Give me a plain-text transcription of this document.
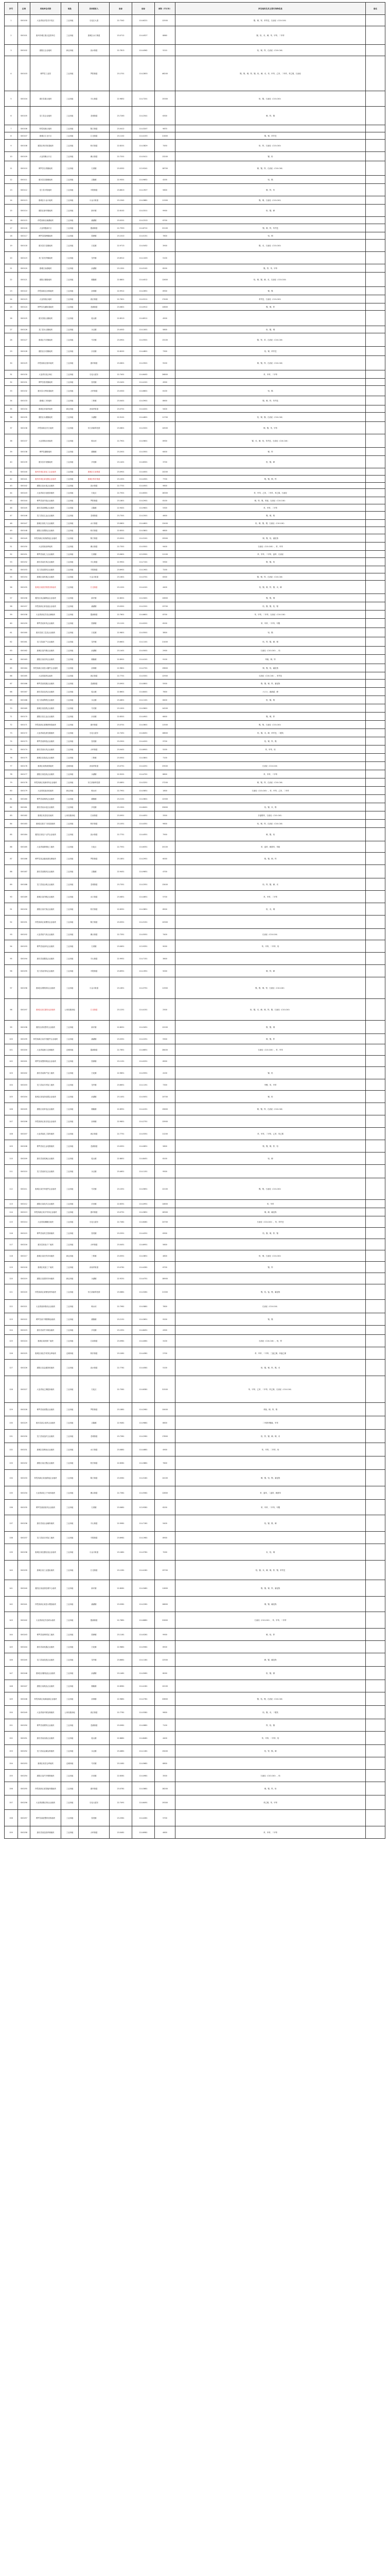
序号	区域	用地单位名称	地址	具体联系人	坐标	坐标	面积（平方米）	涉及地块及其主要污染物信息	备注
1	S00100	大亚湾经济技术开发区	工业用地	石化区大道	22.7342	114.6221	12500	镍、铜、锌、苯并芘、石油烃（C10-C40）	
2	S00101	惠州市城区重点监管单位	工业用地	惠城区水口街道	23.0712	114.4527	8860	镉、铅、汞、砷、苯、甲苯、二甲苯	
3	S00102	惠阳区企业地块	商业用地	淡水街道	22.7813	114.4562	5210	铅、铜、锌、石油烃（C10-C40）	
4	S00103	博罗县工业园	工业用地	罗阳街道	23.1701	114.2853	46200	镍、铬、铜、锌、镉、铅、砷、汞、苯、甲苯、乙苯、二甲苯、苯乙烯、石油烃	
5	S00104	惠东县重点地块	工业用地	平山街道	22.9852	114.7201	15300	铅、镉、石油烃（C10-C40）	
6	S00105	龙门县企业地块	工业用地	龙城街道	23.7263	114.2541	6300	铜、锌、镍	
7	S00106	仲恺高新区地块	工业用地	陈江街道	23.0412	114.3207	9870		
8	S00107	惠城区江北片区	工业用地	江北街道	23.1102	114.4153	21600	镍、铜、苯并芘	
9	S00108	惠阳区秋长街道地块	工业用地	秋长街道	22.8201	114.3829	7450	铅、锌、石油烃（C10-C40）	
10	S00109	大亚湾澳头片区	工业用地	澳头街道	22.7201	114.5411	13200	镉、铅	
11	S00110	博罗县石湾镇地块	工业用地	石湾镇	23.0552	113.9241	18700	铜、镍、锌、石油烃（C10-C40）	
12	S00111	惠东县吉隆镇地块	工业用地	吉隆镇	22.9301	114.9652	4200	铅、镉	
13	S00112	龙门县平陵地块	工业用地	平陵街道	23.6813	114.1927	5600	铜、锌、苯	
14	S00113	惠城区小金口地块	工业用地	小金口街道	23.1542	114.3681	11300	镍、铜、石油烃（C10-C40）	
15	S00114	惠阳区新圩镇地块	工业用地	新圩镇	22.8102	114.3311	9900	铅、镉、砷	
16	S00115	仲恺高新区潼湖地块	工业用地	潼湖镇	23.0201	114.2313	6700		
17	S00116	大亚湾霞涌片区	工业用地	霞涌街道	22.7553	114.6712	22100	镍、铜、锌、苯并芘	
18	S00117	博罗县园洲镇地块	工业用地	园洲镇	23.1010	114.0151	7800	铅、铜	
19	S00118	惠东县白花镇地块	工业用地	白花镇	22.9713	114.5452	3900	镉、汞、石油烃（C10-C40）	
20	S00119	龙门县龙华镇地块	工业用地	龙华镇	23.6512	114.1203	5100		
21	S00120	惠城区汝湖地块	工业用地	汝湖镇	23.1301	114.5102	8200	镍、锌、苯、甲苯	
22	S00121	惠阳区镇隆地块	工业用地	镇隆镇	22.8801	114.4012	12600	铅、铜、镉、砷、汞、石油烃（C10-C40）	
23	S00122	仲恺高新区沥林地块	工业用地	沥林镇	22.9912	114.2651	6900	铜、镍	
24	S00123	大亚湾西区地块	工业用地	西区街道	22.7621	114.5211	17400	苯并芘、石油烃（C10-C40）	
25	S00124	博罗县龙溪街道地块	工业用地	龙溪街道	23.0801	114.0912	10800	镍、铜、锌	
26	S00125	惠东县稔山镇地块	工业用地	稔山镇	22.8513	114.8511	4500		
27	S00126	龙门县永汉镇地块	工业用地	永汉镇	23.4502	114.1001	5800	铅、镉、铜	
28	S00127	惠城区马安镇地块	工业用地	马安镇	23.0901	114.5501	13100	镍、锌、苯、石油烃（C10-C40）	
29	S00128	惠阳区沙田镇地块	工业用地	沙田镇	22.8202	114.4801	7300	铅、铜、苯并芘	
30	S00129	仲恺高新区惠环地块	工业用地	惠环街道	23.0601	114.3501	9200	铜、镍、锌、石油烃（C10-C40）	
31	S00130	大亚湾石化区B区	工业用地	石化大道东	22.7401	114.6402	26800	苯、甲苯、二甲苯	
32	S00131	博罗县泰美镇地块	工业用地	泰美镇	23.2401	114.4101	4900		
33	S00132	惠东县大岭街道地块	工业用地	大岭街道	23.0302	114.6801	6100	铅、镉	
34	S00133	惠城区三栋地块	工业用地	三栋镇	23.0401	114.3901	8600	镍、铜、锌、苯并芘	
35	S00134	惠城区河南岸地块	商业用地	河南岸街道	23.0701	114.4201	5400		
36	S00135	惠阳区永湖镇地块	工业用地	永湖镇	22.9101	114.4601	11700	铅、铜、镉、石油烃（C10-C40）	
37	S00136	仲恺高新区东江地块	工业用地	东江高新科技园	23.0801	114.3201	14500	铜、镍、苯、甲苯	
38	S00137	大亚湾响水河地块	工业用地	响水河	22.7901	114.5801	8900	镉、汞、砷、铅、苯并芘、石油烃（C10-C40）	
39	S00138	博罗县湖镇地块	工业用地	湖镇镇	23.2001	114.3501	6400	铜、锌	
40	S00139	惠东县多祝镇地块	工业用地	多祝镇	23.1401	114.8301	3700	铅、镉、砷	
41	S00140	惠州市城区某化工企业地块	工业用地	惠城区江南街道	23.0901	114.4001	10200		
42	S00141	惠州市城区某电镀企业地块	工业用地	惠城区桥东街道	23.1001	114.4301	7700	铬、镍、铜、锌	
43	S00142	惠阳区淡水某企业地块	工业用地	淡水街道	22.7701	114.4501	9800		
44	S00143	大亚湾某石化配套地块	工业用地	石化区	22.7501	114.6301	18300	苯、甲苯、乙苯、二甲苯、苯乙烯、石油烃	
45	S00144	博罗县某印染企业地块	工业用地	罗阳街道	23.1801	114.2901	8100	铜、锌、镍、苯胺、石油烃（C10-C40）	
46	S00145	惠东县某制鞋企业地块	工业用地	吉隆镇	22.9401	114.9601	5300	苯、甲苯、二甲苯	
47	S00146	龙门县某五金企业地块	工业用地	龙城街道	23.7301	114.2501	4600	镍、铜、铬	
48	S00147	惠城区某电子企业地块	工业用地	水口街道	23.0801	114.4601	12400	铅、铜、镍、锡、石油烃（C10-C40）	
49	S00148	惠阳区某塑胶企业地块	工业用地	秋长街道	22.8301	114.3801	6800		
50	S00149	仲恺高新区某线路板企业地块	工业用地	陈江街道	23.0501	114.3101	15900	铜、镍、铅、氰化物	
51	S00150	大亚湾某油库地块	工业用地	澳头街道	22.7301	114.5501	9400	石油烃（C10-C40）、苯、甲苯	
52	S00151	博罗县某化工企业地块	工业用地	石湾镇	23.0601	113.9301	11100	苯、甲苯、二甲苯、氯苯、石油烃	
53	S00152	惠东县某皮革企业地块	工业用地	平山街道	22.9901	114.7101	5900	铬、镉、铅	
54	S00153	龙门县某建材企业地块	工业用地	平陵街道	23.6901	114.1901	7200		
55	S00154	惠城区某机械企业地块	工业用地	小金口街道	23.1601	114.3701	8300	镍、铜、锌、石油烃（C10-C40）	
56	S00155	惠城区某废旧物资回收地块	工业用地	江北街道	23.1201	114.4101	4400	铅、镉、铜、锌、镍、汞、砷	
57	S00156	惠阳区某金属制品企业地块	工业用地	新圩镇	22.8001	114.3401	10600	镍、铬、铜	
58	S00157	仲恺高新区某电池企业地块	工业用地	潼湖镇	23.0301	114.2201	13700	铅、镉、镍、钴、锂	
59	S00158	大亚湾某化学品仓储地块	工业用地	霞涌街道	22.7601	114.6601	8700	苯、甲苯、二甲苯、石油烃（C10-C40）	
60	S00159	博罗县某家具企业地块	工业用地	园洲镇	23.1101	114.0201	6200	苯、甲苯、二甲苯、甲醛	
61	S00160	惠东县某工艺品企业地块	工业用地	白花镇	22.9801	114.5501	3800	铅、镉	
62	S00161	龙门县某矿产企业地块	工业用地	龙华镇	23.6601	114.1101	21400	铅、锌、镉、砷、铜	
63	S00162	惠城区某汽修企业地块	工业用地	汝湖镇	23.1401	114.5001	2900	石油烃（C10-C40）、铅	
64	S00163	惠阳区某纺织企业地块	工业用地	镇隆镇	22.8901	114.4101	9100	苯胺、铜、锌	
65	S00164	仲恺高新区某显示器件企业地块	工业用地	沥林镇	22.9801	114.2701	19800	铜、镍、铅、氟化物	
66	S00165	大亚湾某码头地块	工业用地	西区街道	22.7701	114.5301	12900	石油烃（C10-C40）、苯并芘	
67	S00166	博罗县某电镀企业地块	工业用地	龙溪街道	23.0901	114.0801	5500	铬、镍、铜、锌、氰化物	
68	S00167	惠东县某农药企业地块	工业用地	稔山镇	22.8601	114.8401	7600	六六六、滴滴涕、砷	
69	S00168	龙门县某陶瓷企业地块	工业用地	永汉镇	23.4601	114.1101	8400	铅、镉、铬	
70	S00169	惠城区某造纸企业地块	工业用地	马安镇	23.1001	114.5601	14200		
71	S00170	惠阳区某五金企业地块	工业用地	沙田镇	22.8301	114.4901	6600	镍、铜、锌	
72	S00171	仲恺高新区某精密制造地块	工业用地	惠环街道	23.0701	114.3601	11500	镍、铬、石油烃（C10-C40）	
73	S00172	大亚湾某危废处置地块	工业用地	石化大道东	22.7451	114.6451	16800	铅、镉、汞、砷、苯并芘、二噁英	
74	S00173	博罗县某铸造企业地块	工业用地	泰美镇	23.2501	114.4201	9700	铅、铜、锌、镍	
75	S00174	惠东县某玩具企业地块	工业用地	大岭街道	23.0401	114.6901	5200	苯、甲苯、铅	
76	S00175	惠城区某食品企业地块	工业用地	三栋镇	23.0501	114.3801	7100		
77	S00176	惠城区某物流园地块	仓储用地	河南岸街道	23.0751	114.4251	23500	石油烃（C10-C40）	
78	S00177	惠阳区某包装企业地块	工业用地	永湖镇	22.9201	114.4701	8800	苯、甲苯、二甲苯	
79	S00178	仲恺高新区某新材料企业地块	工业用地	东江高新科技园	23.0851	114.3251	17200	铜、镍、锌、石油烃（C10-C40）	
80	S00179	大亚湾某加油站地块	商业用地	响水河	22.7951	114.5851	1800	石油烃（C10-C40）、苯、甲苯、乙苯、二甲苯	
81	S00180	博罗县某制药企业地块	工业用地	湖镇镇	23.2101	114.3601	12300		
82	S00181	惠东县某水泥企业地块	工业用地	多祝镇	23.1501	114.8401	25600	铅、镉、汞、铬	
83	S00182	惠城区某变电站地块	公用设施用地	江南街道	23.0951	114.4051	3300	多氯联苯、石油烃（C10-C40）	
84	S00183	惠城区某旧厂房改造地块	工业用地	桥东街道	23.1051	114.4351	9600	铅、铜、锌、石油烃（C10-C40）	
85	S00184	惠阳区某电子元件企业地块	工业用地	淡水街道	22.7751	114.4551	7900	铜、镍、铅	
86	S00185	大亚湾某精细化工地块	工业用地	石化区	22.7551	114.6351	20100	苯、氯苯、硝基苯、苯胺	
87	S00186	博罗县某金属表面处理地块	工业用地	罗阳街道	23.1851	114.2951	6000	铬、镍、铜、锌	
88	S00187	惠东县某鞋材企业地块	工业用地	吉隆镇	22.9451	114.9651	4700		
89	S00188	龙门县某冶炼企业地块	工业用地	龙城街道	23.7351	114.2551	13400	铅、锌、镉、砷、汞	
90	S00189	惠城区某印刷企业地块	工业用地	水口街道	23.0851	114.4651	5700	苯、甲苯、二甲苯	
91	S00190	惠阳区某灯饰企业地块	工业用地	秋长街道	22.8351	114.3851	8500	铅、汞、铜	
92	S00191	仲恺高新区某模具企业地块	工业用地	陈江街道	23.0551	114.3151	10300		
93	S00192	大亚湾某气体企业地块	工业用地	澳头街道	22.7351	114.5551	7400	石油烃（C10-C40）	
94	S00193	博罗县某涂料企业地块	工业用地	石湾镇	23.0651	113.9351	9000	苯、甲苯、二甲苯、铅	
95	S00194	惠东县某服装企业地块	工业用地	平山街道	22.9951	114.7151	3600		
96	S00195	龙门县某饲料企业地块	工业用地	平陵街道	23.6951	114.1951	5000	铜、锌、砷	
97	S00196	惠城区某钢结构企业地块	工业用地	小金口街道	23.1651	114.3751	11900	镍、铬、铜、锌、石油烃（C10-C40）	
98	S00197	惠城区某垃圾转运站地块	公用设施用地	江北街道	23.1251	114.4151	2500	铅、镉、汞、砷、铜、锌、镍、石油烃（C10-C40）	
99	S00198	惠阳区某铝型材企业地块	工业用地	新圩镇	22.8051	114.3451	12200	铬、镍、铜	
100	S00199	仲恺高新区某手机配件企业地块	工业用地	潼湖镇	23.0351	114.2251	9300	铜、镍、锌	
101	S00200	大亚湾某港口仓储地块	仓储用地	霞涌街道	22.7651	114.6651	28400	石油烃（C10-C40）、苯、甲苯	
102	S00201	博罗县某塑料制品企业地块	工业用地	园洲镇	23.1151	114.0251	6900		
103	S00202	惠东县某海产加工地块	工业用地	白花镇	22.9851	114.5551	4100	镉、铅	
104	S00203	龙门县某木材加工地块	工业用地	龙华镇	23.6651	114.1151	7300	甲醛、苯、甲苯	
105	S00204	惠城区某电线电缆企业地块	工业用地	汝湖镇	23.1451	114.5051	10700	铜、铅	
106	S00205	惠阳区某家电企业地块	工业用地	镇隆镇	22.8951	114.4151	15600	铜、镍、锌、石油烃（C10-C40）	
107	S00206	仲恺高新区某光电企业地块	工业用地	沥林镇	22.9851	114.2751	13900		
108	S00207	大亚湾某化工原料地块	工业用地	西区街道	22.7751	114.5351	11200	苯、甲苯、二甲苯、乙苯、苯乙烯	
109	S00208	博罗县某五金电镀地块	工业用地	龙溪街道	23.0951	114.0851	5800	铬、镍、铜、锌、铅	
110	S00209	惠东县某玻璃企业地块	工业用地	稔山镇	22.8651	114.8451	8100	铅、砷	
111	S00210	龙门县某砖瓦企业地块	工业用地	永汉镇	23.4651	114.1151	9500		
112	S00211	惠城区某汽车配件企业地块	工业用地	马安镇	23.1051	114.5651	12100	镍、铬、石油烃（C10-C40）	
113	S00212	惠阳区某化纤企业地块	工业用地	沙田镇	22.8351	114.4951	14800	苯、甲苯	
114	S00213	仲恺高新区某半导体企业地块	工业用地	惠环街道	23.0751	114.3651	16300	铜、砷、氟化物	
115	S00214	大亚湾某储罐区地块	工业用地	石化大道东	22.7481	114.6481	24700	石油烃（C10-C40）、苯、苯并芘	
116	S00215	博罗县某再生资源地块	工业用地	泰美镇	23.2551	114.4251	6300	铅、镉、铜、锌、镍	
117	S00216	惠东县某电子厂地块	工业用地	大岭街道	23.0451	114.6951	5600		
118	S00217	惠城区某旧货市场地块	商业用地	三栋镇	23.0551	114.3851	4800	铅、铜、石油烃（C10-C40）	
119	S00218	惠城区某加工厂地块	工业用地	河南岸街道	23.0781	114.4281	6700	镍、锌	
120	S00219	惠阳区某建材市场地块	商业用地	永湖镇	22.9251	114.4751	18900		
121	S00220	仲恺高新区某锂电材料地块	工业用地	东江高新科技园	23.0881	114.3281	21300	镍、钴、锰、锂、氟化物	
122	S00221	大亚湾某润滑油企业地块	工业用地	响水河	22.7981	114.5881	7800	石油烃（C10-C40）	
123	S00222	博罗县某不锈钢制品地块	工业用地	湖镇镇	23.2151	114.3651	9200	铬、镍	
124	S00223	惠东县某竹木制品地块	工业用地	多祝镇	23.1551	114.8451	4300		
125	S00224	惠城区某机修厂地块	工业用地	江南街道	23.0981	114.4081	3100	石油烃（C10-C40）、铅、锌	
126	S00225	惠城区某化学试剂仓库地块	仓储用地	桥东街道	23.1081	114.4381	2700	苯、甲苯、二甲苯、三氯乙烯、四氯乙烯	
127	S00226	惠阳区某金属回收地块	工业用地	淡水街道	22.7781	114.4581	5100	铅、镉、铜、锌、镍、汞	
128	S00227	大亚湾某乙烯配套地块	工业用地	石化区	22.7581	114.6381	31500	苯、甲苯、乙苯、二甲苯、苯乙烯、石油烃（C10-C40）	
129	S00228	博罗县某染整企业地块	工业用地	罗阳街道	23.1881	114.2981	10400	苯胺、铜、锌、铬	
130	S00229	惠东县某合成革企业地块	工业用地	吉隆镇	22.9481	114.9681	8600	二甲基甲酰胺、甲苯	
131	S00230	龙门县某选矿企业地块	工业用地	龙城街道	23.7381	114.2581	17800	铅、锌、镉、砷、铜、汞	
132	S00231	惠城区某喷涂企业地块	工业用地	水口街道	23.0881	114.4681	4900	苯、甲苯、二甲苯、铅	
133	S00232	惠阳区某注塑企业地块	工业用地	秋长街道	22.8381	114.3881	7600		
134	S00233	仲恺高新区某电路板企业地块	工业用地	陈江街道	23.0581	114.3181	14100	铜、镍、铅、锡、氰化物	
135	S00234	大亚湾某化工中间体地块	工业用地	澳头街道	22.7381	114.5581	12800	苯、氯苯、二氯苯、硝基苯	
136	S00235	博罗县某胶粘剂企业地块	工业用地	石湾镇	23.0681	113.9381	6200	苯、甲苯、二甲苯、甲醛	
137	S00236	惠东县某冶金辅料地块	工业用地	平山街道	22.9981	114.7181	5400	铅、镉、铬、砷	
138	S00237	龙门县某石材加工地块	工业用地	平陵街道	23.6981	114.1981	8900		
139	S00238	惠城区某仪器仪表企业地块	工业用地	小金口街道	23.1681	114.3781	7000	汞、铅、铜	
140	S00239	惠城区某工业遗址地块	工业用地	江北街道	23.1281	114.4181	19700	铅、镉、汞、砷、铜、锌、镍、苯并芘	
141	S00240	惠阳区某表面处理中心地块	工业用地	新圩镇	22.8081	114.3481	11800	铬、镍、铜、锌、氰化物	
142	S00241	仲恺高新区某显示模组地块	工业用地	潼湖镇	23.0381	114.2281	16600	铜、镍、氟化物	
143	S00242	大亚湾某化学品码头地块	工业用地	霞涌街道	22.7681	114.6681	22600	石油烃（C10-C40）、苯、甲苯、二甲苯	
144	S00243	博罗县某铜材加工地块	工业用地	园洲镇	23.1181	114.0281	9900	铜、铅、锌	
145	S00244	惠东县某电器企业地块	工业用地	白花镇	22.9881	114.5581	6500		
146	S00245	龙门县某化肥企业地块	工业用地	龙华镇	23.6681	114.1181	12500	砷、镉、氟化物	
147	S00246	惠城区某蓄电池企业地块	工业用地	汝湖镇	23.1481	114.5081	8000	铅、镉、锑	
148	S00247	惠阳区某纸品企业地块	工业用地	镇隆镇	22.8981	114.4181	10100		
149	S00248	仲恺高新区某新能源企业地块	工业用地	沥林镇	22.9881	114.2781	20800	镍、钴、锂、石油烃（C10-C40）	
150	S00249	大亚湾某环保处理地块	公用设施用地	西区街道	22.7781	114.5381	9600	铅、镉、汞、二噁英	
151	S00250	博罗县某镀锌企业地块	工业用地	龙溪街道	23.0981	114.0881	7100	锌、铅、镉	
152	S00251	惠东县某油漆企业地块	工业用地	稔山镇	22.8681	114.8481	4400	苯、甲苯、二甲苯、铅	
153	S00252	龙门县某金属冶炼地块	工业用地	永汉镇	23.4681	114.1181	15400	铅、锌、镉、砷	
154	S00253	惠城区某旧仓库地块	仓储用地	马安镇	23.1081	114.5681	6800		
155	S00254	惠阳区某汽车维修地块	工业用地	沙田镇	22.8381	114.4981	3500	石油烃（C10-C40）、铅	
156	S00255	仲恺高新区某智能终端地块	工业用地	惠环街道	23.0781	114.3681	18200	铜、镍、锌、铅	
157	S00256	大亚湾某聚合物企业地块	工业用地	石化大道东	22.7491	114.6491	19300	苯乙烯、苯、甲苯	
158	S00257	博罗县某废塑料回收地块	工业用地	泰美镇	23.2581	114.4281	5700		
159	S00258	惠东县某包装印刷地块	工业用地	大岭街道	23.0481	114.6981	4600	苯、甲苯、二甲苯	
